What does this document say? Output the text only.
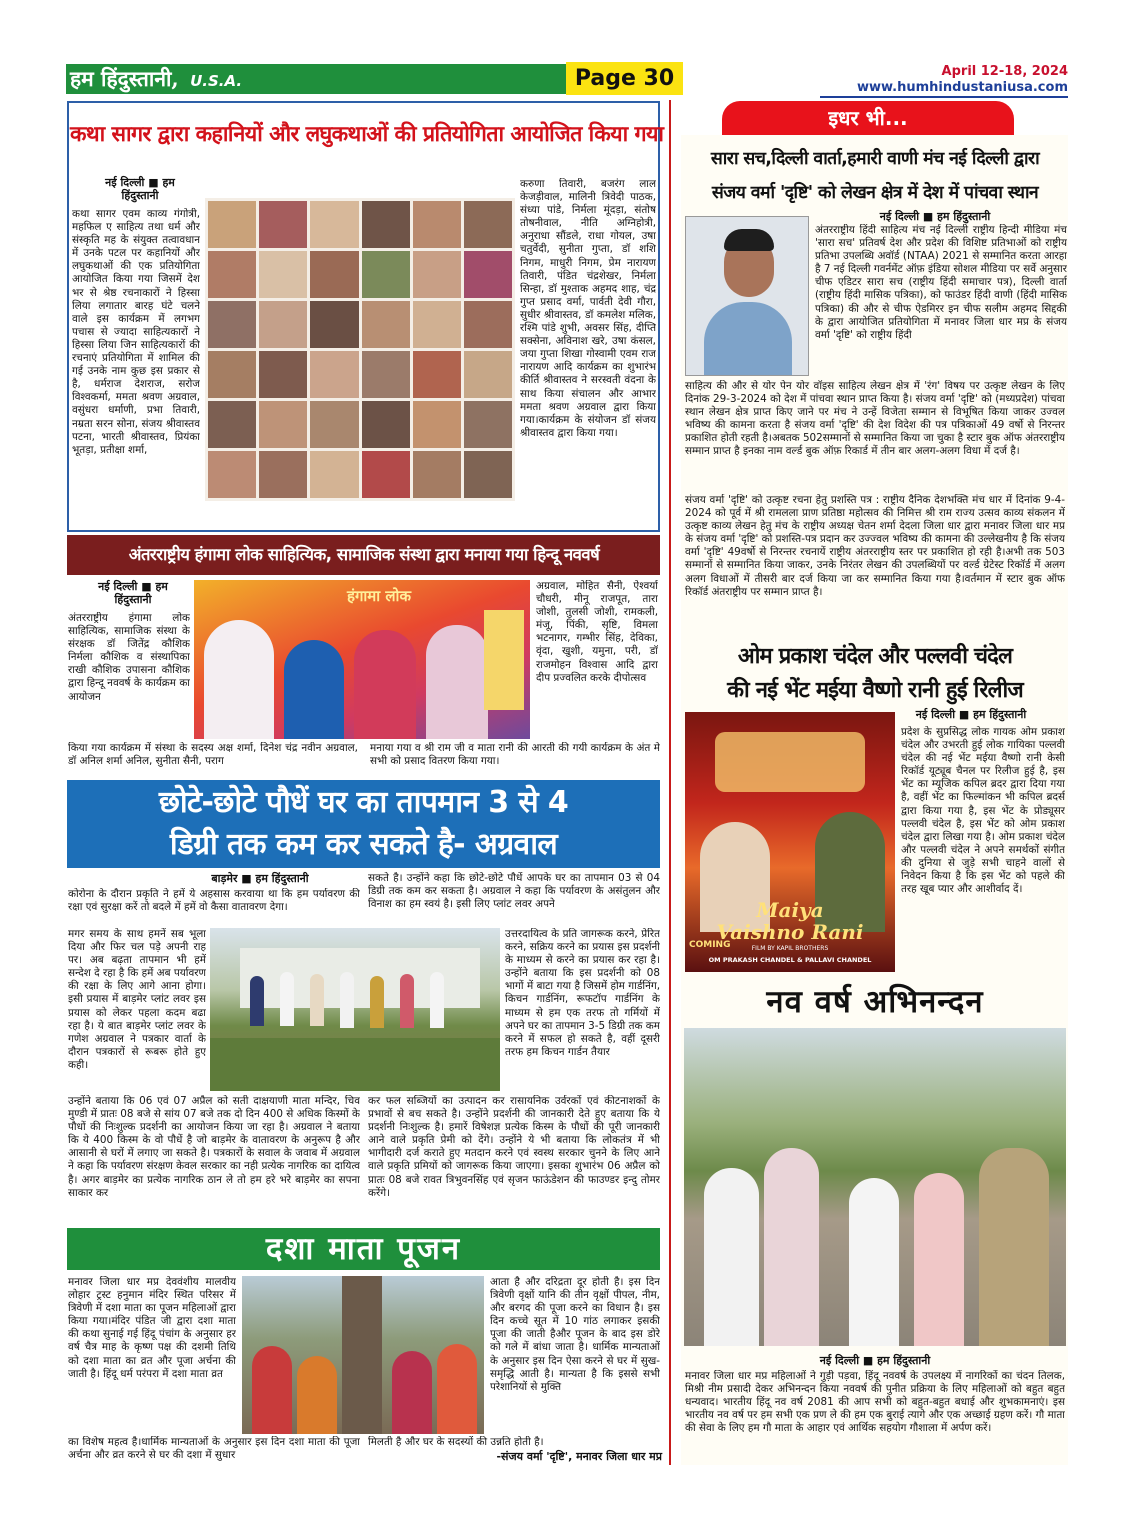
हम हिंदुस्तानी, U.S.A.	Page 30	April 12-18, 2024
www.humhindustaniusa.com
कथा सागर द्वारा कहानियों और लघुकथाओं की प्रतियोगिता आयोजित किया गया
नई दिल्ली ■ हम हिंदुस्तानी
कथा सागर एवम काव्य गंगोत्री, महफिल ए साहित्य तथा धर्म और संस्कृति मह के संयुक्त तत्वावधान में उनके पटल पर कहानियों और लघुकथाओं की एक प्रतियोगिता आयोजित किया गया जिसमें देश भर से श्रेष्ठ रचनाकारों ने हिस्सा लिया लगातार बारह घंटे चलने वाले इस कार्यक्रम में लगभग पचास से ज्यादा साहित्यकारों ने हिस्सा लिया जिन साहित्यकारों की रचनाएं प्रतियोगिता में शामिल की गई उनके नाम कुछ इस प्रकार से है, धर्मराज देशराज, सरोज विश्वकर्मा, ममता श्रवण अग्रवाल, वसुंधरा धर्माणी, प्रभा तिवारी, नम्रता सरन सोना, संजय श्रीवास्तव पटना, भारती श्रीवास्तव, प्रियंका भूतड़ा, प्रतीक्षा शर्मा,
करुणा तिवारी, बजरंग लाल केजड़ीवाल, मालिनी त्रिवेदी पाठक, संध्या पांडे, निर्मला मूंदड़ा, संतोष तोषनीवाल, नीति अग्निहोत्री, अनुराधा सौंडले, राधा गोयल, उषा चतुर्वेदी, सुनीता गुप्ता, डॉ शशि निगम, माधुरी निगम, प्रेम नारायण तिवारी, पंडित चंद्रशेखर, निर्मला सिन्हा, डॉ मुश्ताक अहमद शाह, चंद्र गुप्त प्रसाद वर्मा, पार्वती देवी गौरा, सुधीर श्रीवास्तव, डॉ कमलेश मलिक, रश्मि पांडे शुभी, अवसर सिंह, दीप्ति सक्सेना, अविनाश खरे, उषा कंसल, जया गुप्ता शिखा गोस्वामी एवम राज नारायण आदि कार्यक्रम का शुभारंभ कीर्ति श्रीवास्तव ने सरस्वती वंदना के साथ किया संचालन और आभार ममता श्रवण अग्रवाल द्वारा किया गया।कार्यक्रम के संयोजन डॉ संजय श्रीवास्तव द्वारा किया गया।
अंतरराष्ट्रीय हंगामा लोक साहित्यिक, सामाजिक संस्था द्वारा मनाया गया हिन्दू नववर्ष
नई दिल्ली ■ हम हिंदुस्तानी
अंतरराष्ट्रीय हंगामा लोक साहित्यिक, सामाजिक संस्था के संरक्षक डॉ जितेंद्र कौशिक निर्मला कौशिक व संस्थापिका राखी कौशिक उपासना कौशिक द्वारा हिन्दू नववर्ष के कार्यक्रम का आयोजन
हंगामा लोक
अग्रवाल, मोहित सैनी, ऐश्वर्या चौधरी, मीनू राजपूत, तारा जोशी, तुलसी जोशी, रामकली, मंजू, पिंकी, सृष्टि, विमला भटनागर, गम्भीर सिंह, देविका, वृंदा, खुशी, यमुना, परी, डॉ राजमोहन विश्वास आदि द्वारा दीप प्रज्वलित करके दीपोत्सव
किया गया कार्यक्रम में संस्था के सदस्य अक्ष शर्मा, दिनेश चंद्र नवीन अग्रवाल, डॉ अनिल शर्मा अनिल, सुनीता सैनी, पराग
मनाया गया व श्री राम जी व माता रानी की आरती की गयी कार्यक्रम के अंत मे सभी को प्रसाद वितरण किया गया।
छोटे-छोटे पौधें घर का तापमान 3 से 4
डिग्री तक कम कर सकते है- अग्रवाल
बाड़मेर ■ हम हिंदुस्तानी
कोरोना के दौरान प्रकृति ने हमें ये अहसास करवाया था कि हम पर्यावरण की रक्षा एवं सुरक्षा करें तो बदले में हमें वो कैसा वातावरण देगा।
सकते है। उन्होंने कहा कि छोटे-छोटे पौधें आपके घर का तापमान 03 से 04 डिग्री तक कम कर सकता है। अग्रवाल ने कहा कि पर्यावरण के असंतुलन और विनाश का हम स्वयं है। इसी लिए प्लांट लवर अपने
मगर समय के साथ हमनें सब भूला दिया और फिर चल पड़े अपनी राह पर। अब बढ़ता तापमान भी हमें सन्देश दे रहा है कि हमें अब पर्यावरण की रक्षा के लिए आगे आना होगा। इसी प्रयास में बाड़मेर प्लांट लवर इस प्रयास को लेकर पहला कदम बढा रहा है। ये बात बाड़मेर प्लांट लवर के गणेश अग्रवाल ने पत्रकार वार्ता के दौरान पत्रकारों से रूबरू होते हुए कही।
उत्तरदायित्व के प्रति जागरूक करने, प्रेरित करने, सक्रिय करने का प्रयास इस प्रदर्शनी के माध्यम से करने का प्रयास कर रहा है। उन्होंने बताया कि इस प्रदर्शनी को 08 भागों में बाटा गया है जिसमें होम गार्डनिंग, किचन गार्डनिंग, रूफटॉप गार्डनिंग के माध्यम से हम एक तरफ तो गर्मियों में अपने घर का तापमान 3-5 डिग्री तक कम करने में सफल हो सकते है, वहीं दूसरी तरफ हम किचन गार्डन तैयार
उन्होंने बताया कि 06 एवं 07 अप्रैल को सती दाक्षयाणी माता मन्दिर, चिव मुण्डी में प्रातः 08 बजे से सांय 07 बजे तक दो दिन 400 से अधिक किस्मों के पौधों की निःशुल्क प्रदर्शनी का आयोजन किया जा रहा है। अग्रवाल ने बताया कि ये 400 किस्म के वो पौधें है जो बाड़मेर के वातावरण के अनुरूप है और आसानी से घरों में लगाए जा सकते है। पत्रकारों के सवाल के जवाब में अग्रवाल ने कहा कि पर्यावरण संरक्षण केवल सरकार का नही प्रत्येक नागरिक का दायित्व है। अगर बाड़मेर का प्रत्येक नागरिक ठान ले तो हम हरे भरे बाड़मेर का सपना साकार कर
कर फल सब्जियों का उत्पादन कर रासायनिक उर्वरकों एवं कीटनाशकों के प्रभावों से बच सकते है। उन्होंने प्रदर्शनी की जानकारी देते हुए बताया कि ये प्रदर्शनी निःशुल्क है। हमारें विषेशज्ञ प्रत्येक किस्म के पौधों की पूरी जानकारी आने वाले प्रकृति प्रेमी को देंगे। उन्होंने ये भी बताया कि लोकतंत्र में भी भागीदारी दर्ज कराते हुए मतदान करने एवं स्वस्थ सरकार चुनने के लिए आने वाले प्रकृति प्रमियों को जागरूक किया जाएगा। इसका शुभारंभ 06 अप्रैल को प्रातः 08 बजे रावत त्रिभुवनसिंह एवं सृजन फाऊंडेशन की फाउण्डर इन्दु तोमर करेंगे।
दशा माता पूजन
मनावर जिला धार मप्र देववंशीय मालवीय लोहार ट्रस्ट हनुमान मंदिर स्थित परिसर में त्रिवेणी में दशा माता का पूजन महिलाओं द्वारा किया गया।मंदिर पंडित जी द्वारा दशा माता की कथा सुनाई गई हिंदू पंचांग के अनुसार हर वर्ष चैत्र माह के कृष्ण पक्ष की दशमी तिथि को दशा माता का व्रत और पूजा अर्चना की जाती है। हिंदू धर्म परंपरा में दशा माता व्रत
आता है और दरिद्रता दूर होती है। इस दिन त्रिवेणी वृक्षों यानि की तीन वृक्षों पीपल, नीम, और बरगद की पूजा करने का विधान है। इस दिन कच्चे सूत में 10 गांठ लगाकर इसकी पूजा की जाती हैऔर पूजन के बाद इस डोरे को गले में बांधा जाता है। धार्मिक मान्यताओं के अनुसार इस दिन ऐसा करने से घर में सुख-समृद्धि आती है। मान्यता है कि इससे सभी परेशानियों से मुक्ति
का विशेष महत्व है।धार्मिक मान्यताओं के अनुसार इस दिन दशा माता की पूजा अर्चना और व्रत करने से घर की दशा में सुधार
मिलती है और घर के सदस्यों की उन्नति होती है।
-संजय वर्मा 'दृष्टि', मनावर जिला धार मप्र
इधर भी...
सारा सच,दिल्ली वार्ता,हमारी वाणी मंच नई दिल्ली द्वारा
संजय वर्मा 'दृष्टि' को लेखन क्षेत्र में देश में पांचवा स्थान
नई दिल्ली ■ हम हिंदुस्तानी
अंतरराष्ट्रीय हिंदी साहित्य मंच नई दिल्ली राष्ट्रीय हिन्दी मीडिया मंच 'सारा सच' प्रतिवर्ष देश और प्रदेश की विशिष्ट प्रतिभाओं को राष्ट्रीय प्रतिभा उपलब्धि अवॉर्ड (NTAA) 2021 से सम्मानित करता आरहा है 7 नई दिल्ली गवर्नमेंट ऑफ़ इंडिया सोशल मीडिया पर सर्वे अनुसार चीफ एडिटर सारा सच (राष्ट्रीय हिंदी समाचार पत्र), दिल्ली वार्ता (राष्ट्रीय हिंदी मासिक पत्रिका), को फाउंडर हिंदी वाणी (हिंदी मासिक पत्रिका) की और से चीफ ऐडमिरर इन चीफ सलीम अहमद सिद्दकी के द्वारा आयोजित प्रतियोगिता में मनावर जिला धार मप्र के संजय वर्मा 'दृष्टि' को राष्ट्रीय हिंदी
साहित्य की और से योर पेन योर वॉइस साहित्य लेखन क्षेत्र में 'रंग' विषय पर उत्कृष्ट लेखन के लिए दिनांक 29-3-2024 को देश में पांचवा स्थान प्राप्त किया है। संजय वर्मा 'दृष्टि' को (मध्यप्रदेश) पांचवा स्थान लेखन क्षेत्र प्राप्त किए जाने पर मंच ने उन्हें विजेता सम्मान से विभूषित किया जाकर उज्वल भविष्य की कामना करता है संजय वर्मा 'दृष्टि' की देश विदेश की पत्र पत्रिकाओं 49 वर्षो से निरन्तर प्रकाशित होती रहती है।अबतक 502सम्मानों से सम्मानित किया जा चुका है स्टार बुक ऑफ अंतरराष्ट्रीय सम्मान प्राप्त है इनका नाम वर्ल्ड बुक ऑफ़ रिकार्ड में तीन बार अलग-अलग विधा में दर्ज है।
संजय वर्मा 'दृष्टि' को उत्कृष्ट रचना हेतु प्रशस्ति पत्र : राष्ट्रीय दैनिक देशभक्ति मंच धार में दिनांक 9-4-2024 को पूर्व में श्री रामलला प्राण प्रतिष्ठा महोत्सव की निमित्त श्री राम राज्य उत्सव काव्य संकलन में उत्कृष्ट काव्य लेखन हेतु मंच के राष्ट्रीय अध्यक्ष चेतन शर्मा देदला जिला धार द्वारा मनावर जिला धार मप्र के संजय वर्मा 'दृष्टि' को प्रशस्ति-पत्र प्रदान कर उज्ज्वल भविष्य की कामना की उल्लेखनीय है कि संजय वर्मा 'दृष्टि' 49वर्षो से निरन्तर रचनायें राष्ट्रीय अंतरराष्ट्रीय स्तर पर प्रकाशित हो रही है।अभी तक 503 सम्मानों से सम्मानित किया जाकर, उनके निरंतर लेखन की उपलब्धियों पर वर्ल्ड ग्रेटेस्ट रिकॉर्ड में अलग अलग विधाओं में तीसरी बार दर्ज किया जा कर सम्मानित किया गया है।वर्तमान में स्टार बुक ऑफ रिकॉर्ड अंतराष्ट्रीय पर सम्मान प्राप्त है।
ओम प्रकाश चंदेल और पल्लवी चंदेल
की नई भेंट मईया वैष्णो रानी हुई रिलीज
नई दिल्ली ■ हम हिंदुस्तानी
Maiya
Vaishno Rani
FILM BY KAPIL BROTHERS
COMING
OM PRAKASH CHANDEL & PALLAVI CHANDEL
प्रदेश के सुप्रसिद्ध लोक गायक ओम प्रकाश चंदेल और उभरती हुई लोक गायिका पल्लवी चंदेल की नई भेंट मईया वैष्णो रानी केसी रिकॉर्ड यूट्यूब चैनल पर रिलीज हुई है, इस भेंट का म्यूजिक कपिल ब्रदर द्वारा दिया गया है, वहीं भेंट का फिल्मांकन भी कपिल ब्रदर्स द्वारा किया गया है, इस भेंट के प्रोड्यूसर पल्लवी चंदेल है, इस भेंट को ओम प्रकाश चंदेल द्वारा लिखा गया है। ओम प्रकाश चंदेल और पल्लवी चंदेल ने अपने समर्थकों संगीत की दुनिया से जुड़े सभी चाहने वालों से निवेदन किया है कि इस भेंट को पहले की तरह खूब प्यार और आशीर्वाद दें।
नव वर्ष अभिनन्दन
नई दिल्ली ■ हम हिंदुस्तानी
मनावर जिला धार मप्र महिलाओं ने गुड़ी पड़वा, हिंदू नववर्ष के उपलक्ष्य में नागरिकों का चंदन तिलक, मिश्री नीम प्रसादी देकर अभिनन्दन किया नववर्ष की पुनीत प्रक्रिया के लिए महिलाओं को बहुत बहुत धन्यवाद। भारतीय हिंदू नव वर्ष 2081 की आप सभी को बहुत-बहुत बधाई और शुभकामनाएं। इस भारतीय नव वर्ष पर हम सभी एक प्रण ले की हम एक बुराई त्यागे और एक अच्छाई ग्रहण करें। गौ माता की सेवा के लिए हम गौ माता के आहार एवं आर्थिक सहयोग गौशाला में अर्पण करें।
